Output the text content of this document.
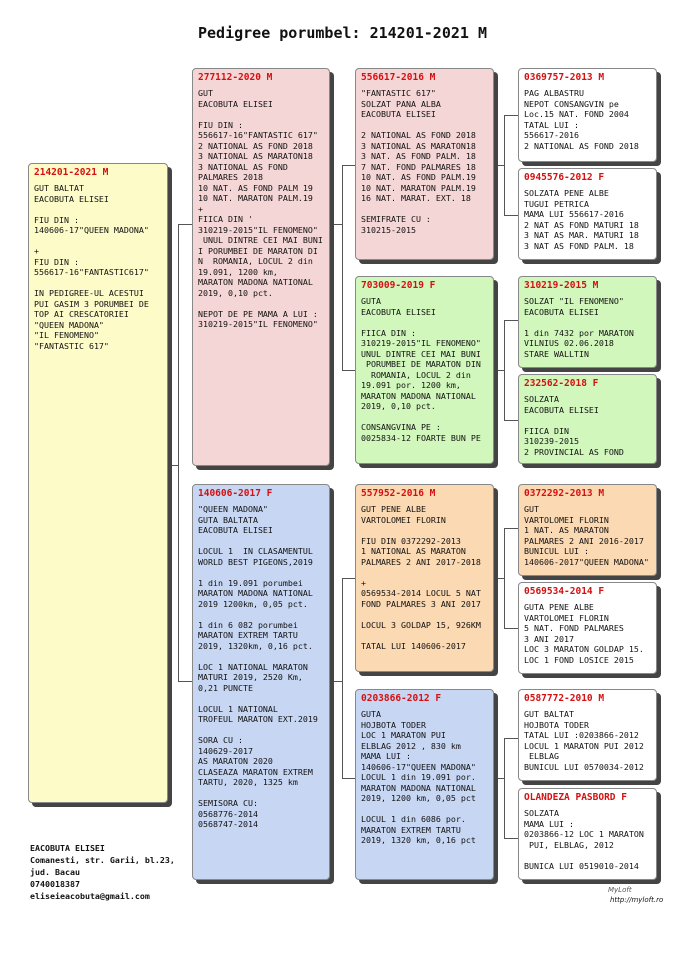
Pedigree porumbel: 214201-2021 M
214201-2021 M
GUT BALTAT
EACOBUTA ELISEI

FIU DIN :
140606-17"QUEEN MADONA"

+
FIU DIN :
556617-16"FANTASTIC617"

IN PEDIGREE-UL ACESTUI
PUI GASIM 3 PORUMBEI DE
TOP AI CRESCATORIEI
"QUEEN MADONA"
"IL FENOMENO"
"FANTASTIC 617"
277112-2020 M
GUT
EACOBUTA ELISEI

FIU DIN :
556617-16"FANTASTIC 617"
2 NATIONAL AS FOND 2018
3 NATIONAL AS MARATON18
3 NATIONAL AS FOND
PALMARES 2018
10 NAT. AS FOND PALM 19
10 NAT. MARATON PALM.19
+
FIICA DIN '
310219-2015"IL FENOMENO"
UNUL DINTRE CEI MAI BUNI
I PORUMBEI DE MARATON DI
N  ROMANIA, LOCUL 2 din
19.091, 1200 km,
MARATON MADONA NATIONAL
2019, 0,10 pct.

NEPOT DE PE MAMA A LUI :
310219-2015"IL FENOMENO"
140606-2017 F
"QUEEN MADONA"
GUTA BALTATA
EACOBUTA ELISEI

LOCUL 1  IN CLASAMENTUL
WORLD BEST PIGEONS,2019

1 din 19.091 porumbei
MARATON MADONA NATIONAL
2019 1200km, 0,05 pct.

1 din 6 082 porumbei
MARATON EXTREM TARTU
2019, 1320km, 0,16 pct.

LOC 1 NATIONAL MARATON
MATURI 2019, 2520 Km,
0,21 PUNCTE

LOCUL 1 NATIONAL
TROFEUL MARATON EXT.2019

SORA CU :
140629-2017
AS MARATON 2020
CLASEAZA MARATON EXTREM
TARTU, 2020, 1325 km

SEMISORA CU:
0568776-2014
0568747-2014
556617-2016 M
"FANTASTIC 617"
SOLZAT PANA ALBA
EACOBUTA ELISEI

2 NATIONAL AS FOND 2018
3 NATIONAL AS MARATON18
3 NAT. AS FOND PALM. 18
7 NAT. FOND PALMARES 18
10 NAT. AS FOND PALM.19
10 NAT. MARATON PALM.19
16 NAT. MARAT. EXT. 18

SEMIFRATE CU :
310215-2015
703009-2019 F
GUTA
EACOBUTA ELISEI

FIICA DIN :
310219-2015"IL FENOMENO"
UNUL DINTRE CEI MAI BUNI
PORUMBEI DE MARATON DIN
ROMANIA, LOCUL 2 din
19.091 por. 1200 km,
MARATON MADONA NATIONAL
2019, 0,10 pct.

CONSANGVINA PE :
0025834-12 FOARTE BUN PE
557952-2016 M
GUT PENE ALBE
VARTOLOMEI FLORIN

FIU DIN 0372292-2013
1 NATIONAL AS MARATON
PALMARES 2 ANI 2017-2018

+
0569534-2014 LOCUL 5 NAT
FOND PALMARES 3 ANI 2017

LOCUL 3 GOLDAP 15, 926KM

TATAL LUI 140606-2017
0203866-2012 F
GUTA
HOJBOTA TODER
LOC 1 MARATON PUI
ELBLAG 2012 , 830 km
MAMA LUI :
140606-17"QUEEN MADONA"
LOCUL 1 din 19.091 por.
MARATON MADONA NATIONAL
2019, 1200 km, 0,05 pct

LOCUL 1 din 6086 por.
MARATON EXTREM TARTU
2019, 1320 km, 0,16 pct
0369757-2013 M
PAG ALBASTRU
NEPOT CONSANGVIN pe
Loc.15 NAT. FOND 2004
TATAL LUI :
556617-2016
2 NATIONAL AS FOND 2018
0945576-2012 F
SOLZATA PENE ALBE
TUGUI PETRICA
MAMA LUI 556617-2016
2 NAT AS FOND MATURI 18
3 NAT AS MAR. MATURI 18
3 NAT AS FOND PALM. 18
310219-2015 M
SOLZAT "IL FENOMENO"
EACOBUTA ELISEI

1 din 7432 por MARATON
VILNIUS 02.06.2018
STARE WALLTIN
232562-2018 F
SOLZATA
EACOBUTA ELISEI

FIICA DIN
310239-2015
2 PROVINCIAL AS FOND
0372292-2013 M
GUT
VARTOLOMEI FLORIN
1 NAT. AS MARATON
PALMARES 2 ANI 2016-2017
BUNICUL LUI :
140606-2017"QUEEN MADONA"
0569534-2014 F
GUTA PENE ALBE
VARTOLOMEI FLORIN
5 NAT. FOND PALMARES
3 ANI 2017
LOC 3 MARATON GOLDAP 15.
LOC 1 FOND LOSICE 2015
0587772-2010 M
GUT BALTAT
HOJBOTA TODER
TATAL LUI :0203866-2012
LOCUL 1 MARATON PUI 2012
ELBLAG
BUNICUL LUI 0570034-2012
OLANDEZA PASBORD F
SOLZATA
MAMA LUI :
0203866-12 LOC 1 MARATON
PUI, ELBLAG, 2012

BUNICA LUI 0519010-2014
EACOBUTA ELISEI
Comanesti, str. Garii, bl.23,
jud. Bacau
0740018387
eliseieacobuta@gmail.com
MyLoft
http://myloft.ro
